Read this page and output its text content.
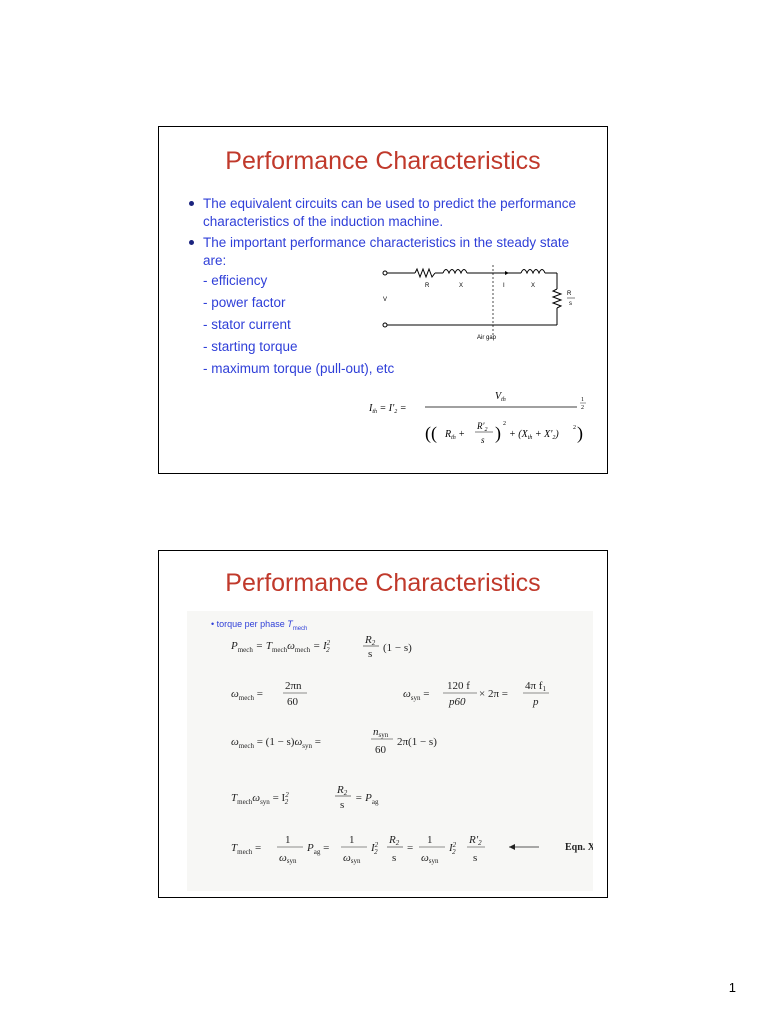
Performance Characteristics
The equivalent circuits can be used to predict the performance characteristics of the induction machine.
The important performance characteristics in the steady state are:
- efficiency
- power factor
- stator current
- starting torque
- maximum torque (pull-out), etc
R	X	I	X
R
s
V
Air gap
$I_{th} = I'_2$ =
$V_{th}$	1
2
(( $R_{th}$ +
$R'_2$
s ) 2
+ $(X_{th} + X'_2)$
2 )
Performance Characteristics
$P_{mech} = T_{mech}\omega_{mech} = I^2$ 2
R2
s (1 − s)
$\omega_{mech}$ =
2πn
60
$\omega_{syn}$ =
120 f
p60
× 2π =
4π f1
p
$\omega_{mech} = (1 - s)\omega_{syn}$ =
nsyn
60
2π(1 − s)
$T_{mech}\omega_{syn} = I^2$ 2
R2
s
= $P_{ag}$
$T_{mech}$ =
1
ωsyn
$P_{ag}$ =
1
ωsyn
$I^2$ 2
R2
s
=
1
ωsyn
$I^2$ 2
R'2
s
Eqn. X
• torque per phase $T_{mech}$
1
